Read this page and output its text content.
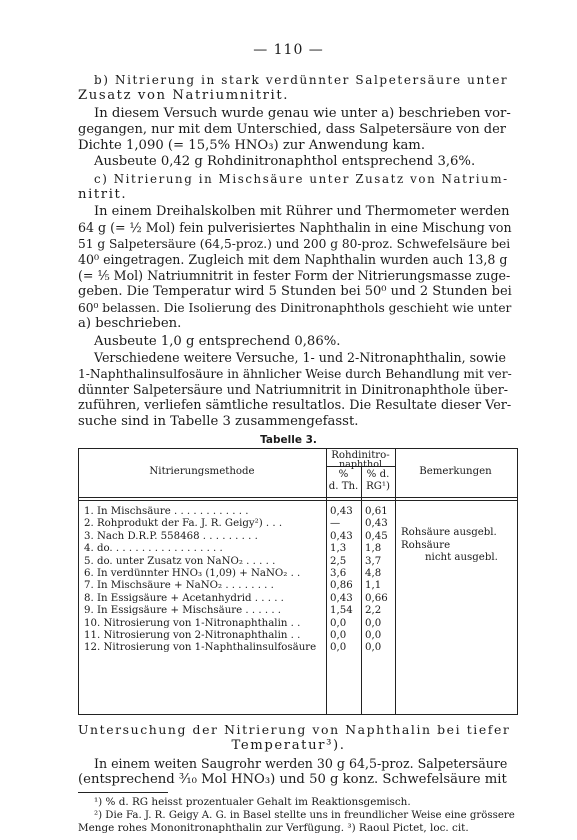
— 110 —
b) Nitrierung in stark verdünnter Salpetersäure unter
Zusatz von Natriumnitrit.
In diesem Versuch wurde genau wie unter a) beschrieben vor-
gegangen, nur mit dem Unterschied, dass Salpetersäure von der
Dichte 1,090 (= 15,5% HNO₃) zur Anwendung kam.
Ausbeute 0,42 g Rohdinitronaphthol entsprechend 3,6%.
c) Nitrierung in Mischsäure unter Zusatz von Natrium-
nitrit.
In einem Dreihalskolben mit Rührer und Thermometer werden
64 g (= ½ Mol) fein pulverisiertes Naphthalin in eine Mischung von
51 g Salpetersäure (64,5-proz.) und 200 g 80-proz. Schwefelsäure bei
40⁰ eingetragen. Zugleich mit dem Naphthalin wurden auch 13,8 g
(= ⅕ Mol) Natriumnitrit in fester Form der Nitrierungsmasse zuge-
geben. Die Temperatur wird 5 Stunden bei 50⁰ und 2 Stunden bei
60⁰ belassen. Die Isolierung des Dinitronaphthols geschieht wie unter
a) beschrieben.
Ausbeute 1,0 g entsprechend 0,86%.
Verschiedene weitere Versuche, 1- und 2-Nitronaphthalin, sowie
1-Naphthalinsulfosäure in ähnlicher Weise durch Behandlung mit ver-
dünnter Salpetersäure und Natriumnitrit in Dinitronaphthole über-
zuführen, verliefen sämtliche resultatlos. Die Resultate dieser Ver-
suche sind in Tabelle 3 zusammengefasst.
Tabelle 3.
Nitrierungsmethode
Rohdinitro-
naphthol
%
d. Th.
% d.
RG¹)
Bemerkungen
1. In Mischsäure . . . . . . . . . . . .	0,43 0,61
2. Rohprodukt der Fa. J. R. Geigy²) . . .	— 0,43
3. Nach D.R.P. 558468 . . . . . . . . .	0,43 0,45
4. do. . . . . . . . . . . . . . . . . .	1,3 1,8
5. do. unter Zusatz von NaNO₂ . . . . .	2,5 3,7
6. In verdünnter HNO₃ (1,09) + NaNO₂ . .	3,6 4,8
7. In Mischsäure + NaNO₂ . . . . . . . .	0,86 1,1
8. In Essigsäure + Acetanhydrid . . . . .	0,43 0,66
9. In Essigsäure + Mischsäure . . . . . .	1,54 2,2
10. Nitrosierung von 1-Nitronaphthalin . .	0,0 0,0
11. Nitrosierung von 2-Nitronaphthalin . .	0,0 0,0
12. Nitrosierung von 1-Naphthalinsulfosäure 0,0 0,0
Rohsäure ausgebl.
Rohsäure
nicht ausgebl.
Untersuchung der Nitrierung von Naphthalin bei tiefer
Temperatur³).
In einem weiten Saugrohr werden 30 g 64,5-proz. Salpetersäure
(entsprechend ³⁄₁₀ Mol HNO₃) und 50 g konz. Schwefelsäure mit
¹) % d. RG heisst prozentualer Gehalt im Reaktionsgemisch.
²) Die Fa. J. R. Geigy A. G. in Basel stellte uns in freundlicher Weise eine grössere
Menge rohes Mononitronaphthalin zur Verfügung. ³) Raoul Pictet, loc. cit.
